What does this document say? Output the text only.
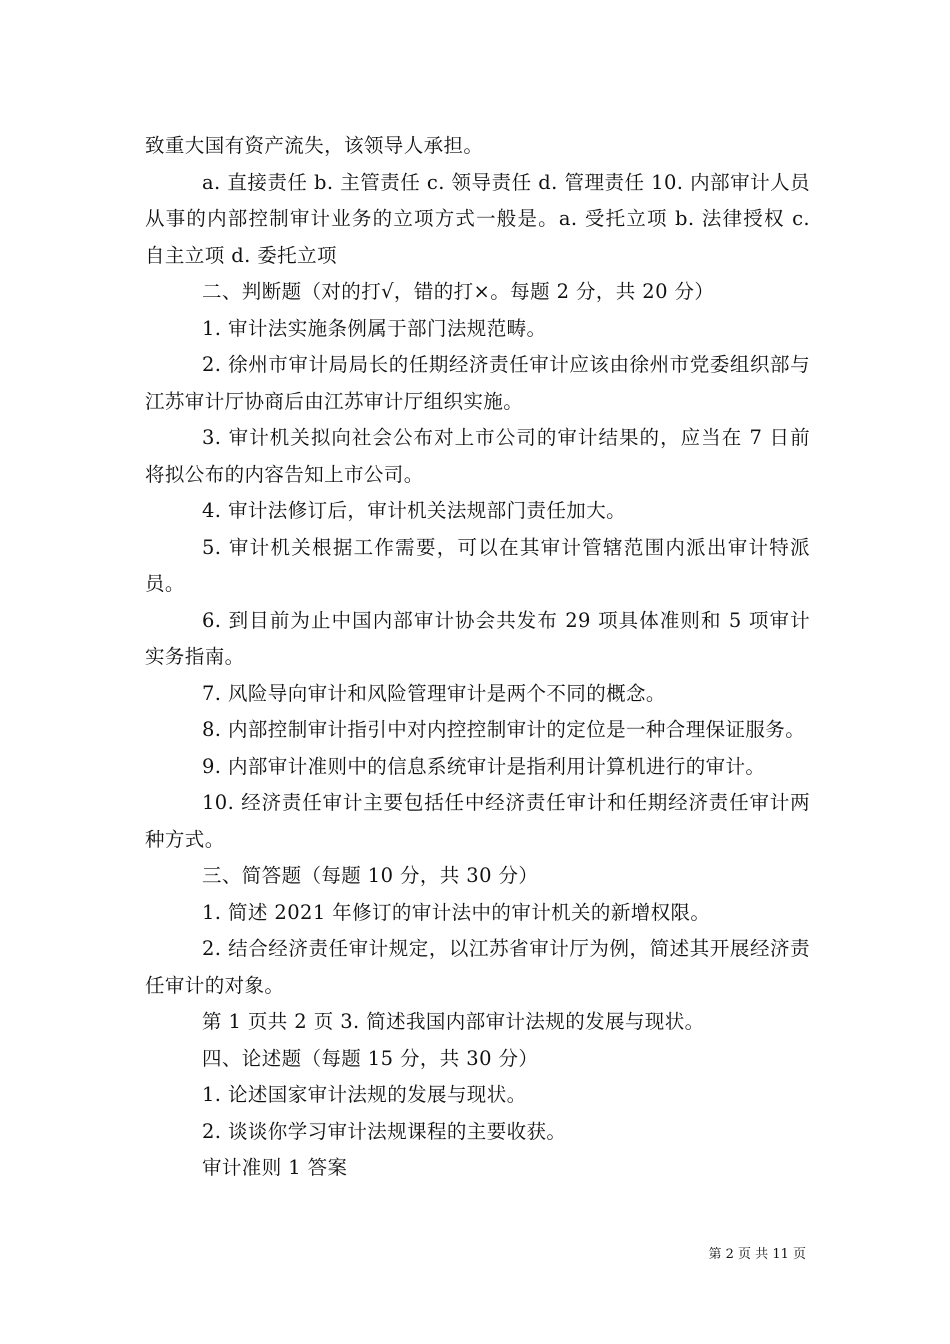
致重大国有资产流失，该领导人承担。

a. 直接责任 b. 主管责任 c. 领导责任 d. 管理责任 10. 内部审计人员从事的内部控制审计业务的立项方式一般是。a. 受托立项 b. 法律授权 c. 自主立项 d. 委托立项

二、判断题（对的打√，错的打×。每题 2 分，共 20 分）

1. 审计法实施条例属于部门法规范畴。

2. 徐州市审计局局长的任期经济责任审计应该由徐州市党委组织部与江苏审计厅协商后由江苏审计厅组织实施。

3. 审计机关拟向社会公布对上市公司的审计结果的，应当在 7 日前将拟公布的内容告知上市公司。

4. 审计法修订后，审计机关法规部门责任加大。

5. 审计机关根据工作需要，可以在其审计管辖范围内派出审计特派员。

6. 到目前为止中国内部审计协会共发布 29 项具体准则和 5 项审计实务指南。

7. 风险导向审计和风险管理审计是两个不同的概念。

8. 内部控制审计指引中对内控控制审计的定位是一种合理保证服务。

9. 内部审计准则中的信息系统审计是指利用计算机进行的审计。

10. 经济责任审计主要包括任中经济责任审计和任期经济责任审计两种方式。

三、简答题（每题 10 分，共 30 分）

1. 简述 2021 年修订的审计法中的审计机关的新增权限。

2. 结合经济责任审计规定，以江苏省审计厅为例，简述其开展经济责任审计的对象。

第 1 页共 2 页 3. 简述我国内部审计法规的发展与现状。

四、论述题（每题 15 分，共 30 分）

1. 论述国家审计法规的发展与现状。

2. 谈谈你学习审计法规课程的主要收获。

审计准则 1 答案

第 2 页 共 11 页
